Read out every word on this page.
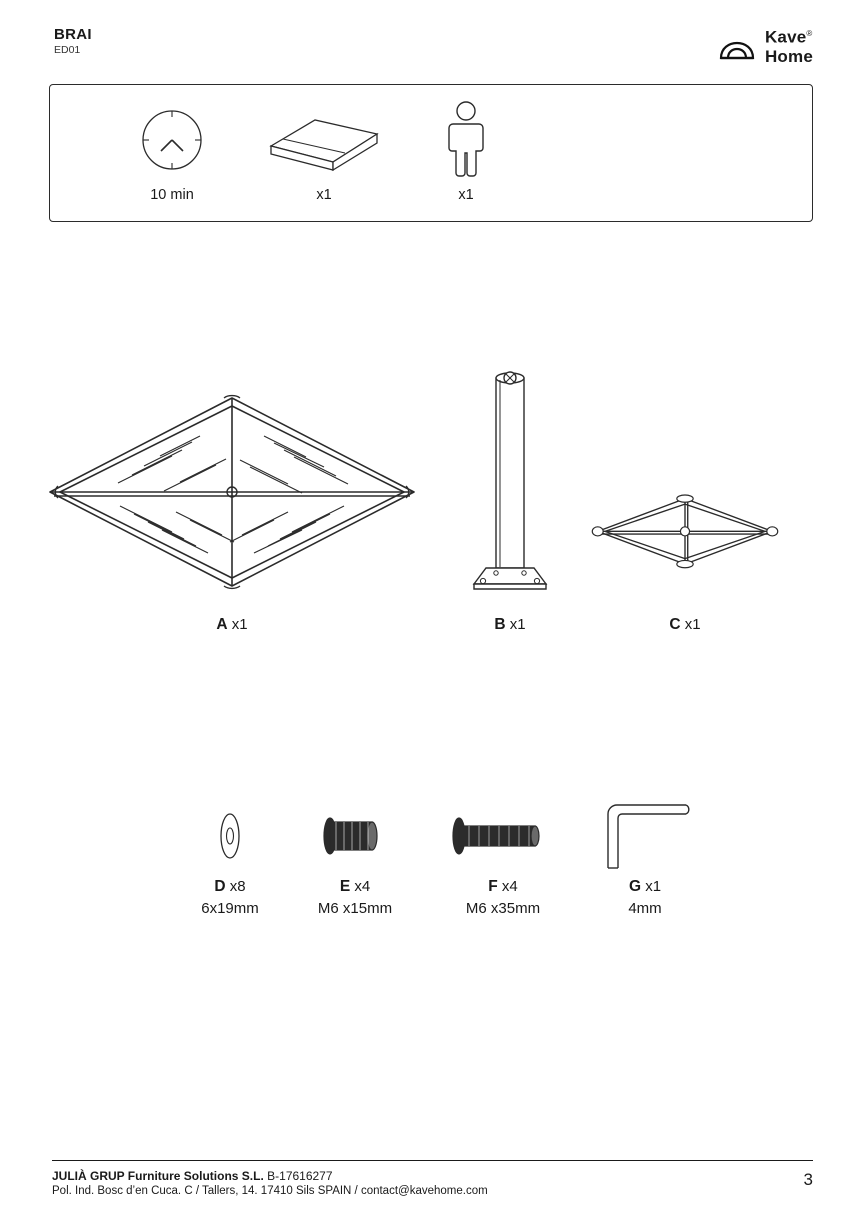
BRAI
ED01
Kave®
Home
10 min	x1	x1
A x1	B x1	C x1
D x8
6x19mm
E x4
M6 x15mm
F x4
M6 x35mm
G x1
4mm
JULIÀ GRUP Furniture Solutions S.L. B-17616277
Pol. Ind. Bosc d’en Cuca. C / Tallers, 14. 17410 Sils SPAIN / contact@kavehome.com
3
